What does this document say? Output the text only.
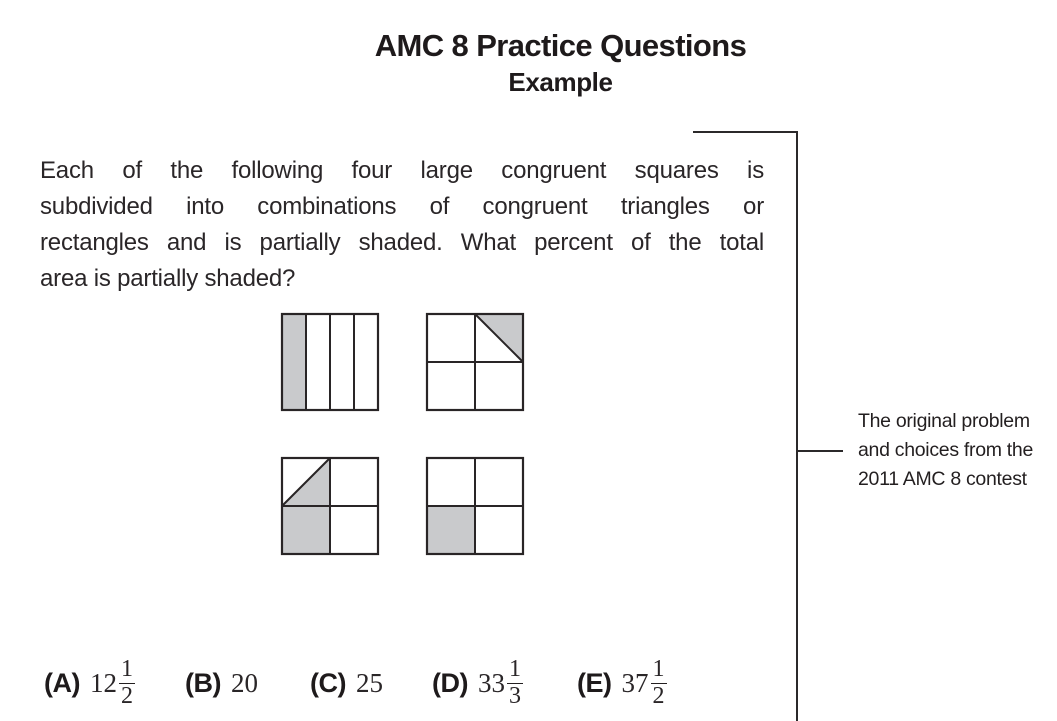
AMC 8 Practice Questions
Example
Each of the following four large congruent squares is
subdivided into combinations of congruent triangles or
rectangles and is partially shaded. What percent of the total
area is partially shaded?
The original problem
and choices from the
2011 AMC 8 contest
(A) $12 \frac{1}{2} (B)$ 20 (C) 25 (D) $33 \frac{1}{3} (E)$ $37 \frac{1}{2}$
